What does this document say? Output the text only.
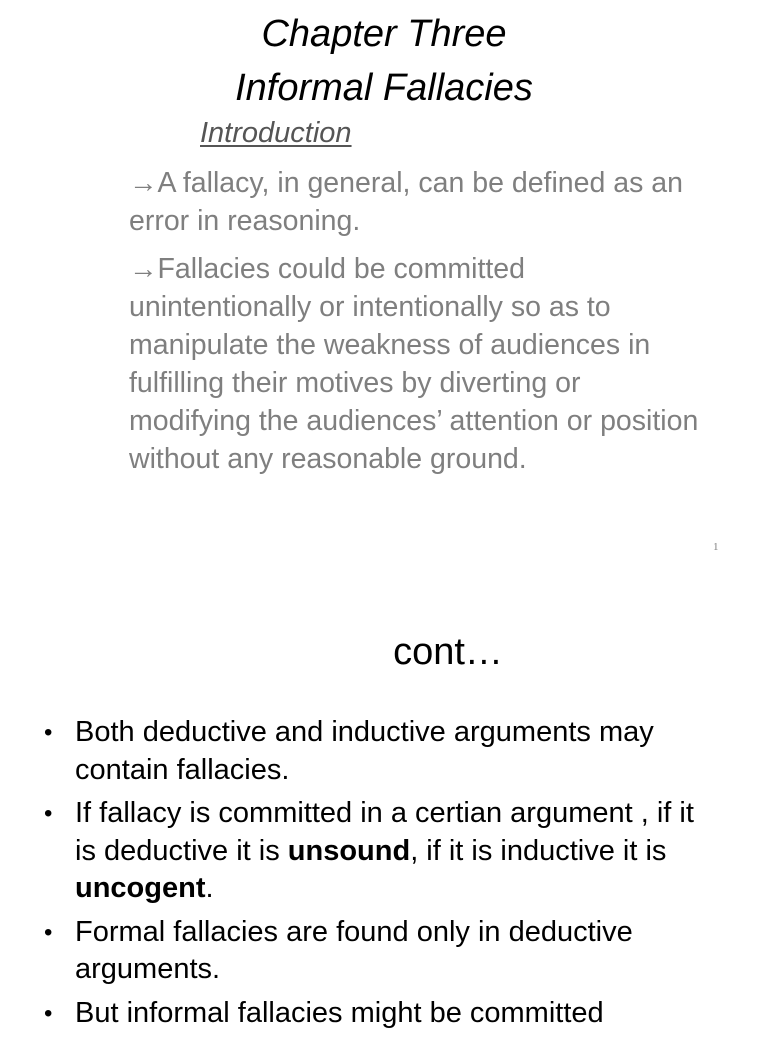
Chapter Three
Informal Fallacies
Introduction
→A fallacy, in general, can be defined as an error in reasoning.
→Fallacies could be committed unintentionally or intentionally so as to manipulate the weakness of audiences in fulfilling their motives by diverting or modifying the audiences’ attention or position without any reasonable ground.
1
cont…
• Both deductive and inductive arguments may contain fallacies.
• If fallacy is committed in a certian argument , if it is deductive it is unsound, if it is inductive it is uncogent.
• Formal fallacies are found only in deductive arguments.
• But informal fallacies might be committed
